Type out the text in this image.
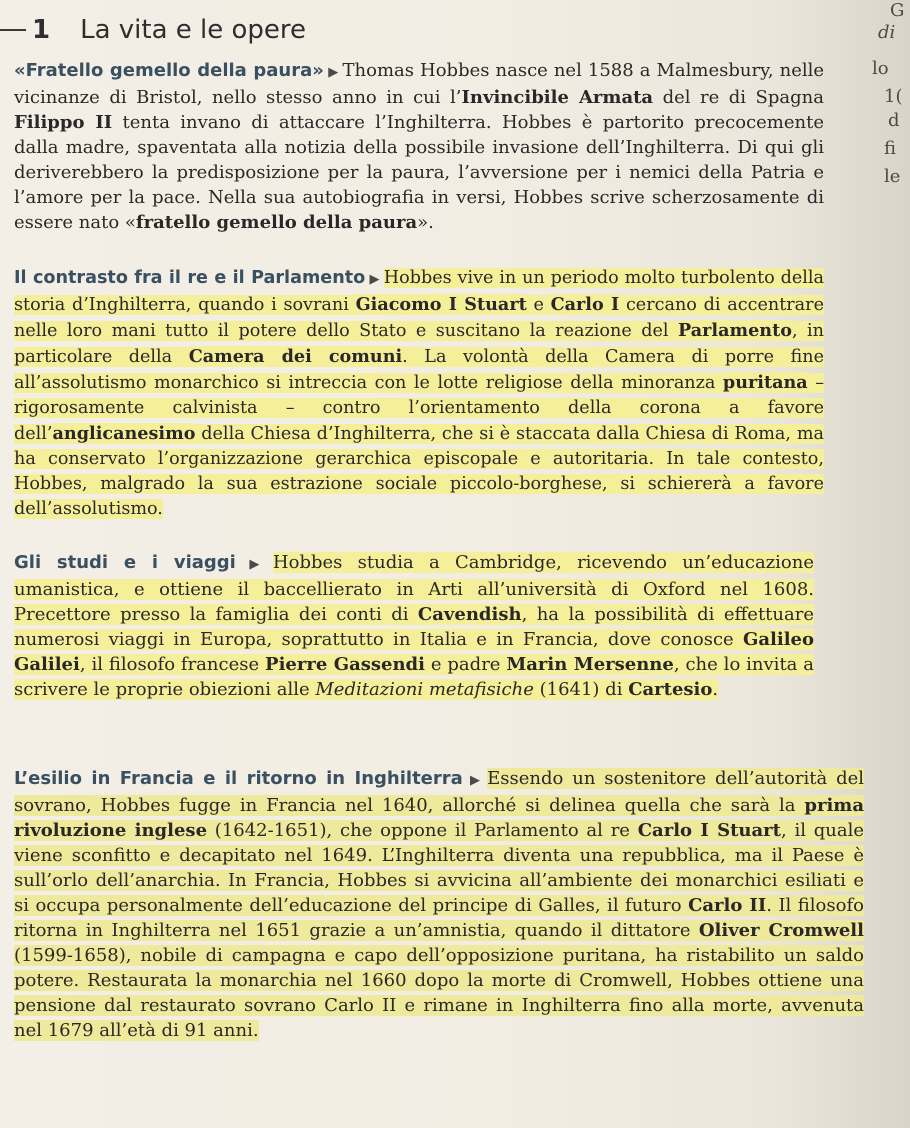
1 La vita e le opere

«Fratello gemello della paura» ▶ Thomas Hobbes nasce nel 1588 a Malmesbury, nelle vicinanze di Bristol, nello stesso anno in cui l’Invincibile Armata del re di Spagna Filippo II tenta invano di attaccare l’Inghilterra. Hobbes è partorito precocemente dalla madre, spaventata alla notizia della possibile invasione dell’Inghilterra. Di qui gli deriverebbero la predisposizione per la paura, l’avversione per i nemici della Patria e l’amore per la pace. Nella sua autobiografia in versi, Hobbes scrive scherzosamente di essere nato «fratello gemello della paura».

Il contrasto fra il re e il Parlamento ▶ Hobbes vive in un periodo molto turbolento della storia d’Inghilterra, quando i sovrani Giacomo I Stuart e Carlo I cercano di accentrare nelle loro mani tutto il potere dello Stato e suscitano la reazione del Parlamento, in particolare della Camera dei comuni. La volontà della Camera di porre fine all’assolutismo monarchico si intreccia con le lotte religiose della minoranza puritana – rigorosamente calvinista – contro l’orientamento della corona a favore dell’anglicanesimo della Chiesa d’Inghilterra, che si è staccata dalla Chiesa di Roma, ma ha conservato l’organizzazione gerarchica episcopale e autoritaria. In tale contesto, Hobbes, malgrado la sua estrazione sociale piccolo-borghese, si schiererà a favore dell’assolutismo.

Gli studi e i viaggi ▶ Hobbes studia a Cambridge, ricevendo un’educazione umanistica, e ottiene il baccellierato in Arti all’università di Oxford nel 1608. Precettore presso la famiglia dei conti di Cavendish, ha la possibilità di effettuare numerosi viaggi in Europa, soprattutto in Italia e in Francia, dove conosce Galileo Galilei, il filosofo francese Pierre Gassendi e padre Marin Mersenne, che lo invita a scrivere le proprie obiezioni alle Meditazioni metafisiche (1641) di Cartesio.

L’esilio in Francia e il ritorno in Inghilterra ▶ Essendo un sostenitore dell’autorità del sovrano, Hobbes fugge in Francia nel 1640, allorché si delinea quella che sarà la prima rivoluzione inglese (1642-1651), che oppone il Parlamento al re Carlo I Stuart, il quale viene sconfitto e decapitato nel 1649. L’Inghilterra diventa una repubblica, ma il Paese è sull’orlo dell’anarchia. In Francia, Hobbes si avvicina all’ambiente dei monarchici esiliati e si occupa personalmente dell’educazione del principe di Galles, il futuro Carlo II. Il filosofo ritorna in Inghilterra nel 1651 grazie a un’amnistia, quando il dittatore Oliver Cromwell (1599-1658), nobile di campagna e capo dell’opposizione puritana, ha ristabilito un saldo potere. Restaurata la monarchia nel 1660 dopo la morte di Cromwell, Hobbes ottiene una pensione dal restaurato sovrano Carlo II e rimane in Inghilterra fino alla morte, avvenuta nel 1679 all’età di 91 anni.

G
di
lo
1(
d
fi
le
